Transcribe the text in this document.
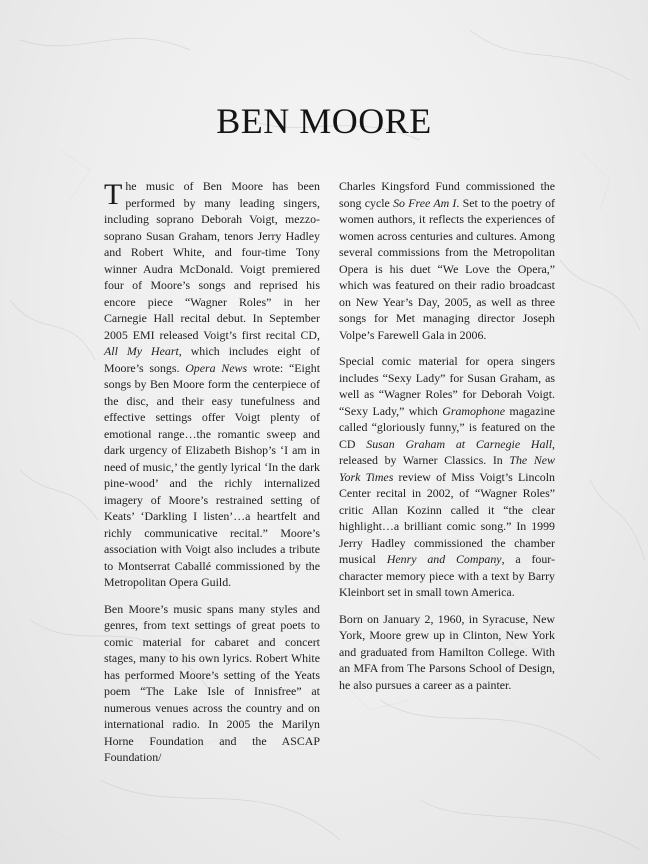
BEN MOORE

The music of Ben Moore has been performed by many leading singers, including soprano Deborah Voigt, mezzo-soprano Susan Graham, tenors Jerry Hadley and Robert White, and four-time Tony winner Audra McDonald. Voigt premiered four of Moore’s songs and reprised his encore piece “Wagner Roles” in her Carnegie Hall recital debut. In September 2005 EMI released Voigt’s first recital CD, All My Heart, which includes eight of Moore’s songs. Opera News wrote: “Eight songs by Ben Moore form the centerpiece of the disc, and their easy tunefulness and effective settings offer Voigt plenty of emotional range…the romantic sweep and dark urgency of Elizabeth Bishop’s ‘I am in need of music,’ the gently lyrical ‘In the dark pine-wood’ and the richly internalized imagery of Moore’s restrained setting of Keats’ ‘Darkling I listen’…a heartfelt and richly communicative recital.” Moore’s association with Voigt also includes a tribute to Montserrat Caballé commissioned by the Metropolitan Opera Guild.

Ben Moore’s music spans many styles and genres, from text settings of great poets to comic material for cabaret and concert stages, many to his own lyrics. Robert White has performed Moore’s setting of the Yeats poem “The Lake Isle of Innisfree” at numerous venues across the country and on international radio. In 2005 the Marilyn Horne Foundation and the ASCAP Foundation/

Charles Kingsford Fund commissioned the song cycle So Free Am I. Set to the poetry of women authors, it reflects the experiences of women across centuries and cultures. Among several commissions from the Metropolitan Opera is his duet “We Love the Opera,” which was featured on their radio broadcast on New Year’s Day, 2005, as well as three songs for Met managing director Joseph Volpe’s Farewell Gala in 2006.

Special comic material for opera singers includes “Sexy Lady” for Susan Graham, as well as “Wagner Roles” for Deborah Voigt. “Sexy Lady,” which Gramophone magazine called “gloriously funny,” is featured on the CD Susan Graham at Carnegie Hall, released by Warner Classics. In The New York Times review of Miss Voigt’s Lincoln Center recital in 2002, of “Wagner Roles” critic Allan Kozinn called it “the clear highlight…a brilliant comic song.” In 1999 Jerry Hadley commissioned the chamber musical Henry and Company, a four-character memory piece with a text by Barry Kleinbort set in small town America.

Born on January 2, 1960, in Syracuse, New York, Moore grew up in Clinton, New York and graduated from Hamilton College. With an MFA from The Parsons School of Design, he also pursues a career as a painter.
